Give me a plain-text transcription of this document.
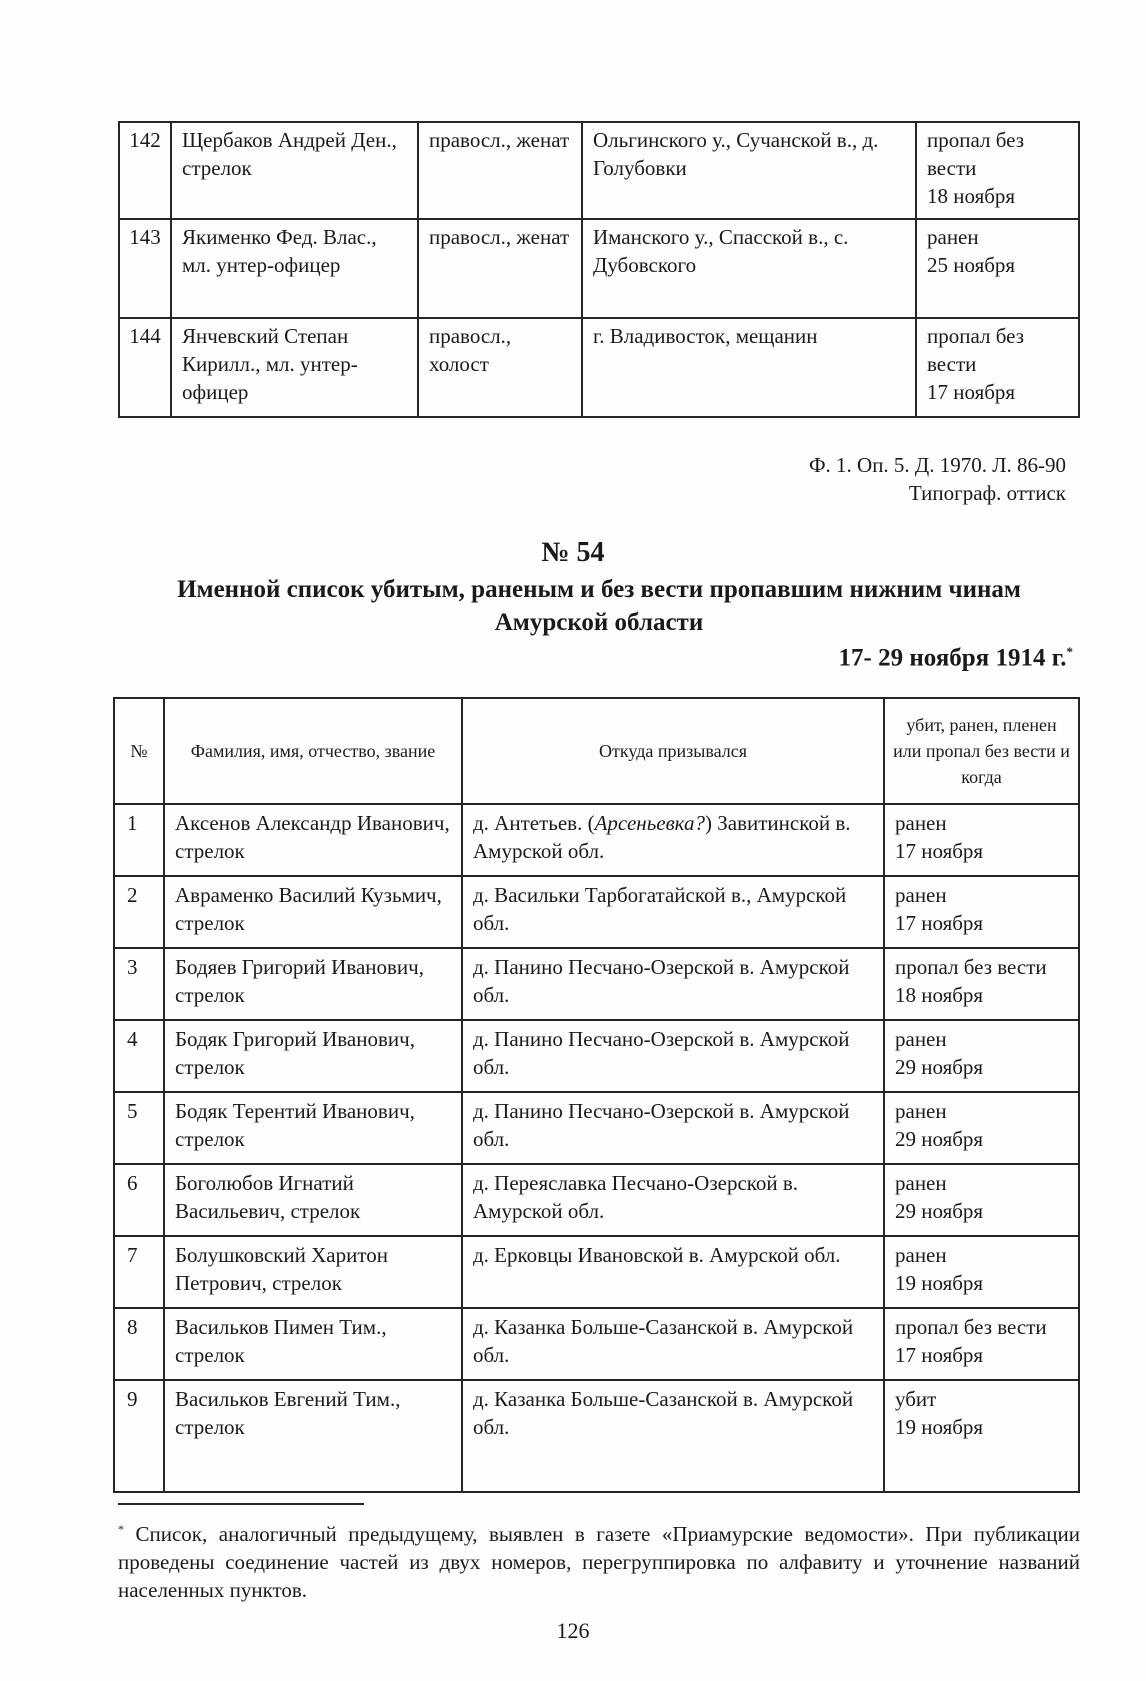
142	Щербаков Андрей Ден., стрелок	правосл., женат	Ольгинского у., Сучанской в., д. Голубовки	пропал без вести
18 ноября
143	Якименко Фед. Влас., мл. унтер-офицер	правосл., женат	Иманского у., Спасской в., с. Дубовского	ранен
25 ноября
144	Янчевский Степан Кирилл., мл. унтер-офицер	правосл., холост	г. Владивосток, мещанин	пропал без вести
17 ноября
Ф. 1. Оп. 5. Д. 1970. Л. 86-90
Типограф. оттиск
№ 54
Именной список убитым, раненым и без вести пропавшим нижним чинам Амурской области
17- 29 ноября 1914 г.*
№	Фамилия, имя, отчество, звание	Откуда призывался	убит, ранен, пленен или пропал без вести и когда
1	Аксенов Александр Иванович, стрелок	д. Антетьев. (Арсеньевка?) Завитинской в. Амурской обл.	ранен
17 ноября
2	Авраменко Василий Кузьмич, стрелок	д. Васильки Тарбогатайской в., Амурской обл.	ранен
17 ноября
3	Бодяев Григорий Иванович, стрелок	д. Панино Песчано-Озерской в. Амурской обл.	пропал без вести
18 ноября
4	Бодяк Григорий Иванович, стрелок	д. Панино Песчано-Озерской в. Амурской обл.	ранен
29 ноября
5	Бодяк Терентий Иванович, стрелок	д. Панино Песчано-Озерской в. Амурской обл.	ранен
29 ноября
6	Боголюбов Игнатий Васильевич, стрелок	д. Переяславка Песчано-Озерской в. Амурской обл.	ранен
29 ноября
7	Болушковский Харитон Петрович, стрелок	д. Ерковцы Ивановской в. Амурской обл.	ранен
19 ноября
8	Васильков Пимен Тим., стрелок	д. Казанка Больше-Сазанской в. Амурской обл.	пропал без вести
17 ноября
9	Васильков Евгений Тим., стрелок	д. Казанка Больше-Сазанской в. Амурской обл.	убит
19 ноября
* Список, аналогичный предыдущему, выявлен в газете «Приамурские ведомости». При публикации проведены соединение частей из двух номеров, перегруппировка по алфавиту и уточнение названий населенных пунктов.
126
